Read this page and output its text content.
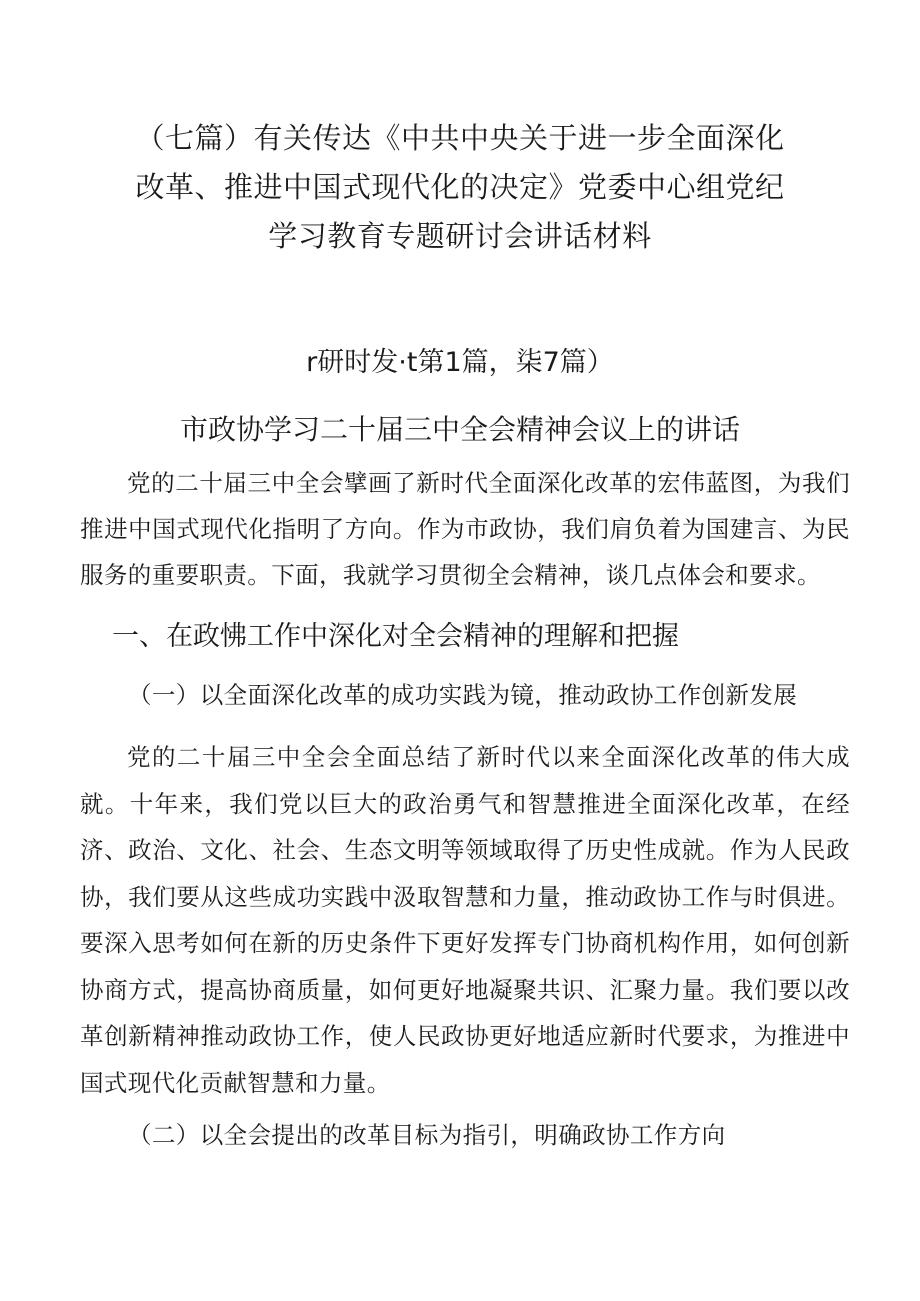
（七篇）有关传达《中共中央关于进一步全面深化
改革、推进中国式现代化的决定》党委中心组党纪
学习教育专题研讨会讲话材料
r研时发·t第1篇，柒7篇）
市政协学习二十届三中全会精神会议上的讲话

党的二十届三中全会擘画了新时代全面深化改革的宏伟蓝图，为我们推进中国式现代化指明了方向。作为市政协，我们肩负着为国建言、为民服务的重要职责。下面，我就学习贯彻全会精神，谈几点体会和要求。

一、在政怫工作中深化对全会精神的理解和把握
（一）以全面深化改革的成功实践为镜，推动政协工作创新发展

党的二十届三中全会全面总结了新时代以来全面深化改革的伟大成就。十年来，我们党以巨大的政治勇气和智慧推进全面深化改革，在经济、政治、文化、社会、生态文明等领域取得了历史性成就。作为人民政协，我们要从这些成功实践中汲取智慧和力量，推动政协工作与时俱进。要深入思考如何在新的历史条件下更好发挥专门协商机构作用，如何创新协商方式，提高协商质量，如何更好地凝聚共识、汇聚力量。我们要以改革创新精神推动政协工作，使人民政协更好地适应新时代要求，为推进中国式现代化贡献智慧和力量。

（二）以全会提出的改革目标为指引，明确政协工作方向
